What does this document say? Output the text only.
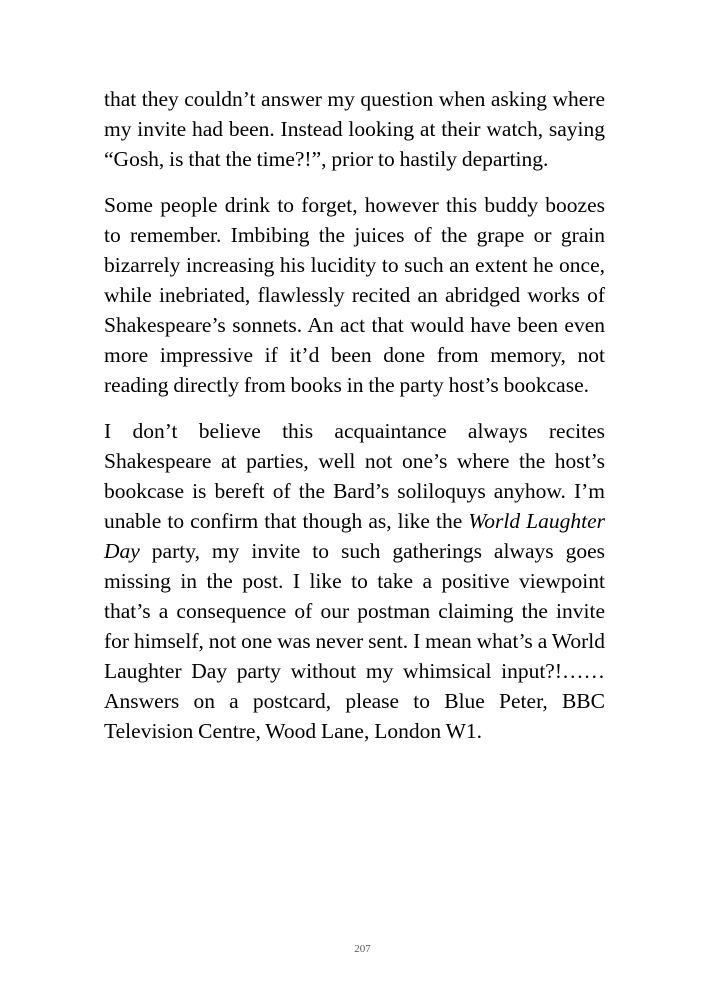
that they couldn’t answer my question when asking where my invite had been. Instead looking at their watch, saying “Gosh, is that the time?!”, prior to hastily departing.

Some people drink to forget, however this buddy boozes to remember. Imbibing the juices of the grape or grain bizarrely increasing his lucidity to such an extent he once, while inebriated, flawlessly recited an abridged works of Shakespeare’s sonnets. An act that would have been even more impressive if it’d been done from memory, not reading directly from books in the party host’s bookcase.

I don’t believe this acquaintance always recites Shakespeare at parties, well not one’s where the host’s bookcase is bereft of the Bard’s soliloquys anyhow. I’m unable to confirm that though as, like the World Laughter Day party, my invite to such gatherings always goes missing in the post. I like to take a positive viewpoint that’s a consequence of our postman claiming the invite for himself, not one was never sent. I mean what’s a World Laughter Day party without my whimsical input?!…… Answers on a postcard, please to Blue Peter, BBC Television Centre, Wood Lane, London W1.

207
